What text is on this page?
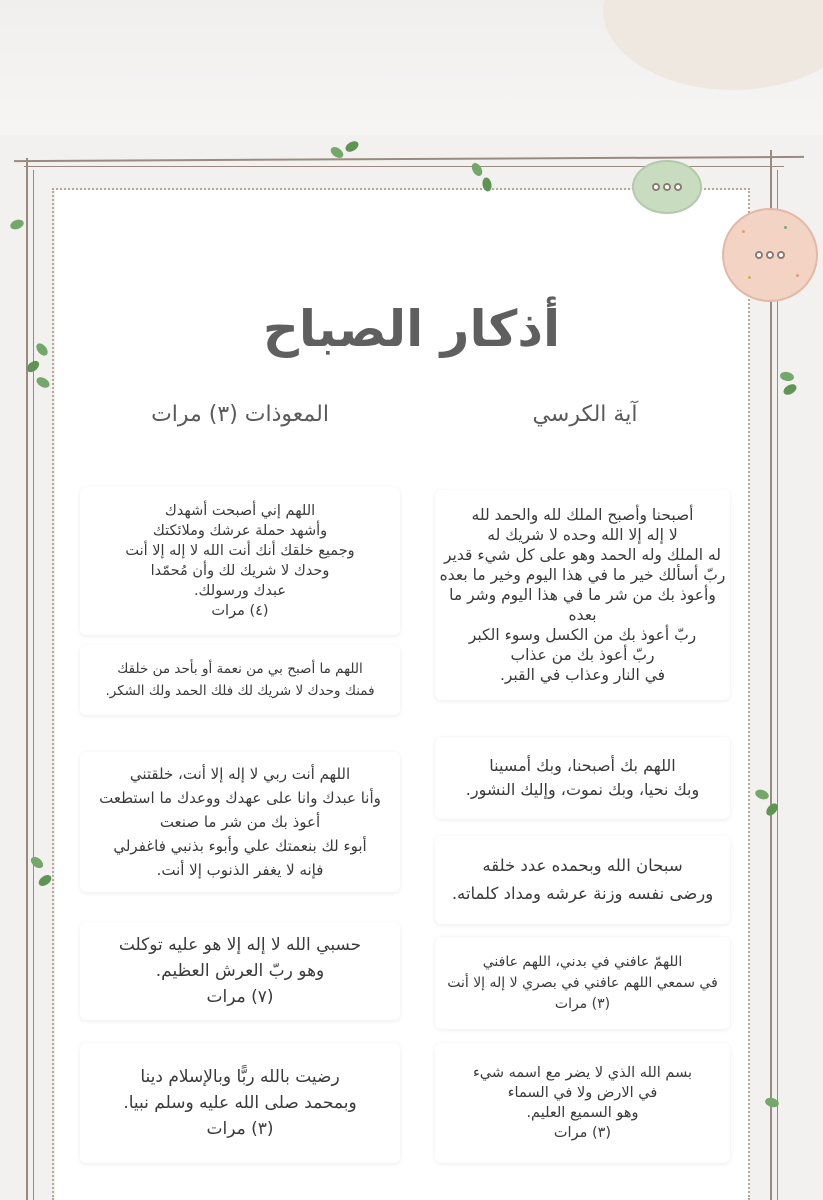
أذكار الصباح
آية الكرسي
المعوذات (٣) مرات
أصبحنا وأصبح الملك لله والحمد لله
لا إله إلا الله وحده لا شريك له
له الملك وله الحمد وهو على كل شيء قدير
ربّ أسألك خير ما في هذا اليوم وخير ما بعده
وأعوذ بك من شر ما في هذا اليوم وشر ما بعده
ربّ أعوذ بك من الكسل وسوء الكبر
ربّ أعوذ بك من عذاب
في النار وعذاب في القبر.
اللهم بك أصبحنا، وبك أمسينا
وبك نحيا، وبك نموت، وإليك النشور.
سبحان الله وبحمده عدد خلقه
ورضى نفسه وزنة عرشه ومداد كلماته.
اللهمّ عافني في بدني، اللهم عافني
في سمعي اللهم عافني في بصري لا إله إلا أنت
(٣) مرات
بسم الله الذي لا يضر مع اسمه شيء
في الارض ولا في السماء
وهو السميع العليم.
(٣) مرات
اللهم إني أصبحت أشهدك
وأشهد حملة عرشك وملائكتك
وجميع خلقك أنك أنت الله لا إله إلا أنت
وحدك لا شريك لك وأن مُحمّدا
عبدك ورسولك.
(٤) مرات
اللهم ما أصبح بي من نعمة أو بأحد من خلقك
فمنك وحدك لا شريك لك فلك الحمد ولك الشكر.
اللهم أنت ربي لا إله إلا أنت، خلقتني
وأنا عبدك وانا على عهدك ووعدك ما استطعت
أعوذ بك من شر ما صنعت
أبوء لك بنعمتك علي وأبوء بذنبي فاغفرلي
فإنه لا يغفر الذنوب إلا أنت.
حسبي الله لا إله إلا هو عليه توكلت
وهو ربّ العرش العظيم.
(٧) مرات
رضيت بالله ربًّا وبالإسلام دينا
وبمحمد صلى الله عليه وسلم نبيا.
(٣) مرات
